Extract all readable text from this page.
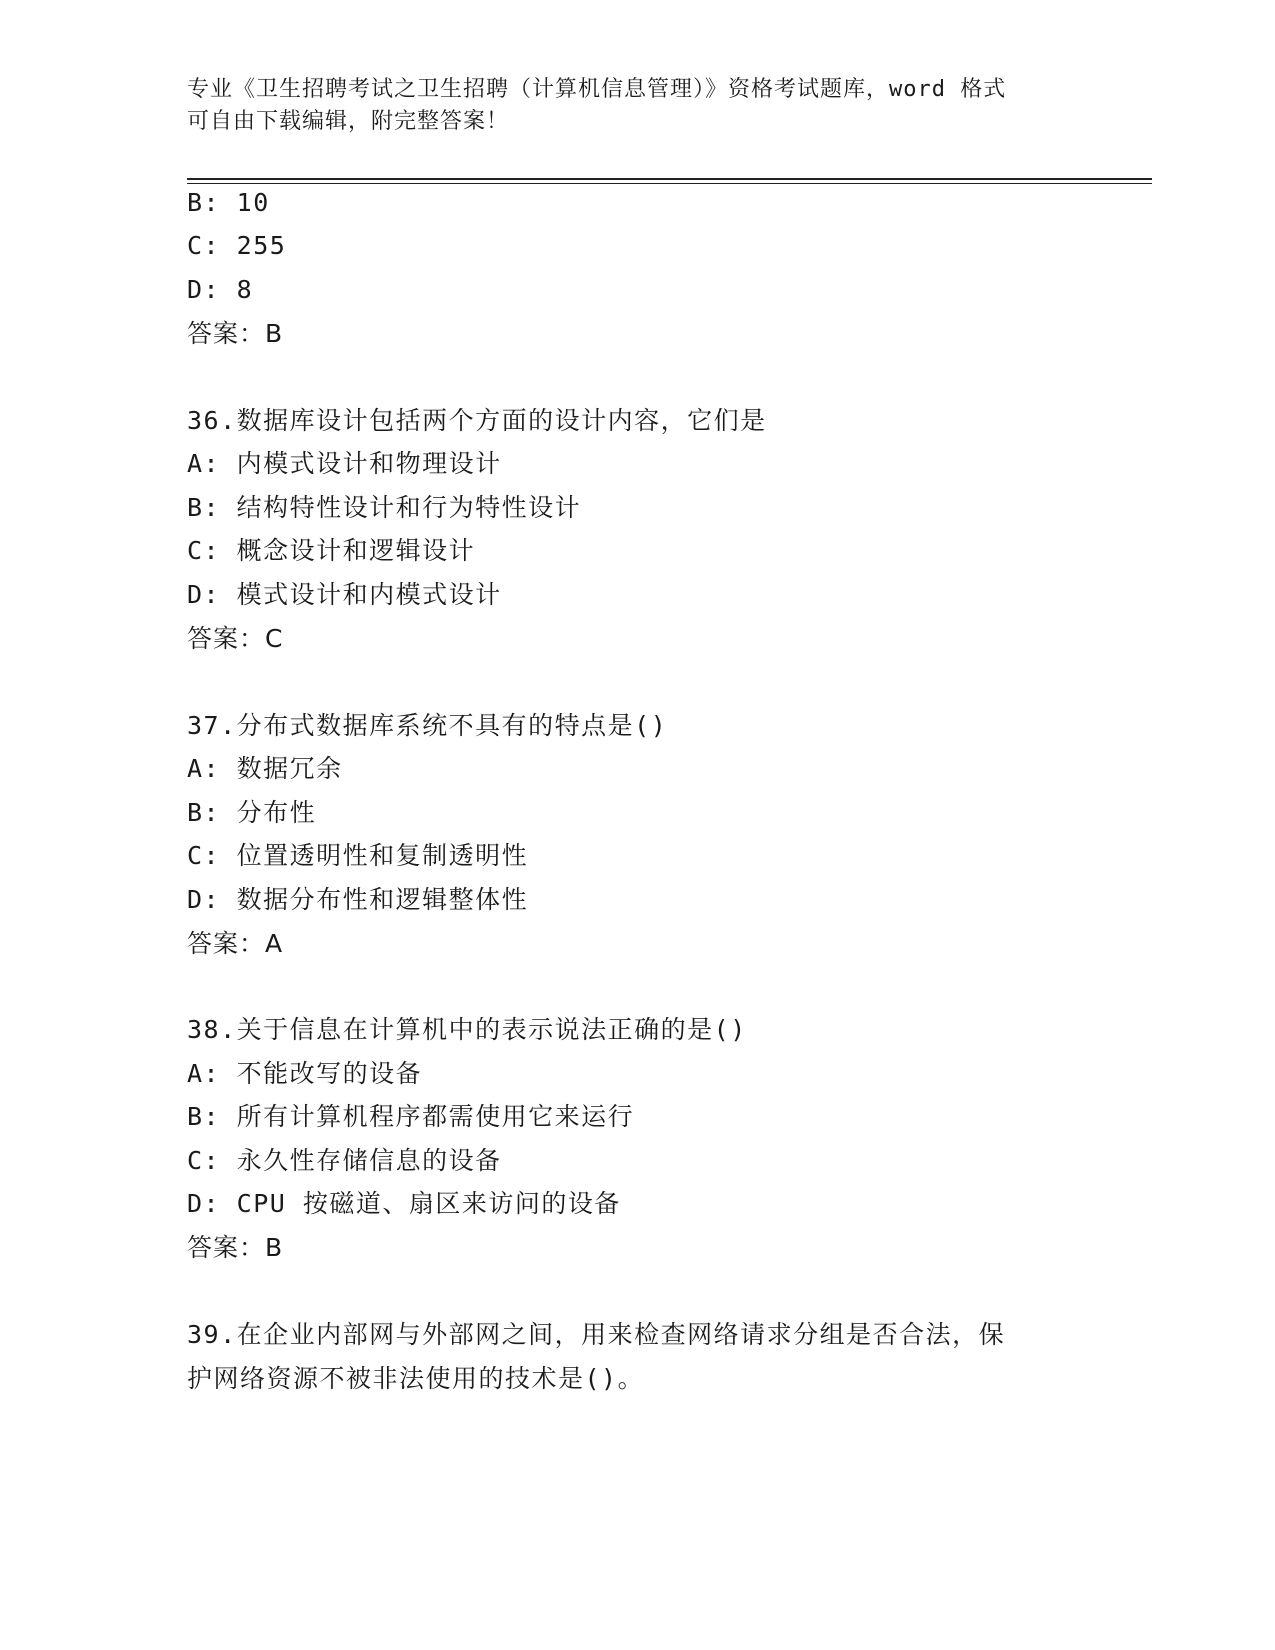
专业《卫生招聘考试之卫生招聘（计算机信息管理）》资格考试题库，word 格式
可自由下载编辑，附完整答案！
B: 10
C: 255
D: 8
答案：B
36.数据库设计包括两个方面的设计内容，它们是
A: 内模式设计和物理设计
B: 结构特性设计和行为特性设计
C: 概念设计和逻辑设计
D: 模式设计和内模式设计
答案：C
37.分布式数据库系统不具有的特点是()
A: 数据冗余
B: 分布性
C: 位置透明性和复制透明性
D: 数据分布性和逻辑整体性
答案：A
38.关于信息在计算机中的表示说法正确的是()
A: 不能改写的设备
B: 所有计算机程序都需使用它来运行
C: 永久性存储信息的设备
D: CPU 按磁道、扇区来访问的设备
答案：B
39.在企业内部网与外部网之间，用来检查网络请求分组是否合法，保
护网络资源不被非法使用的技术是()。
